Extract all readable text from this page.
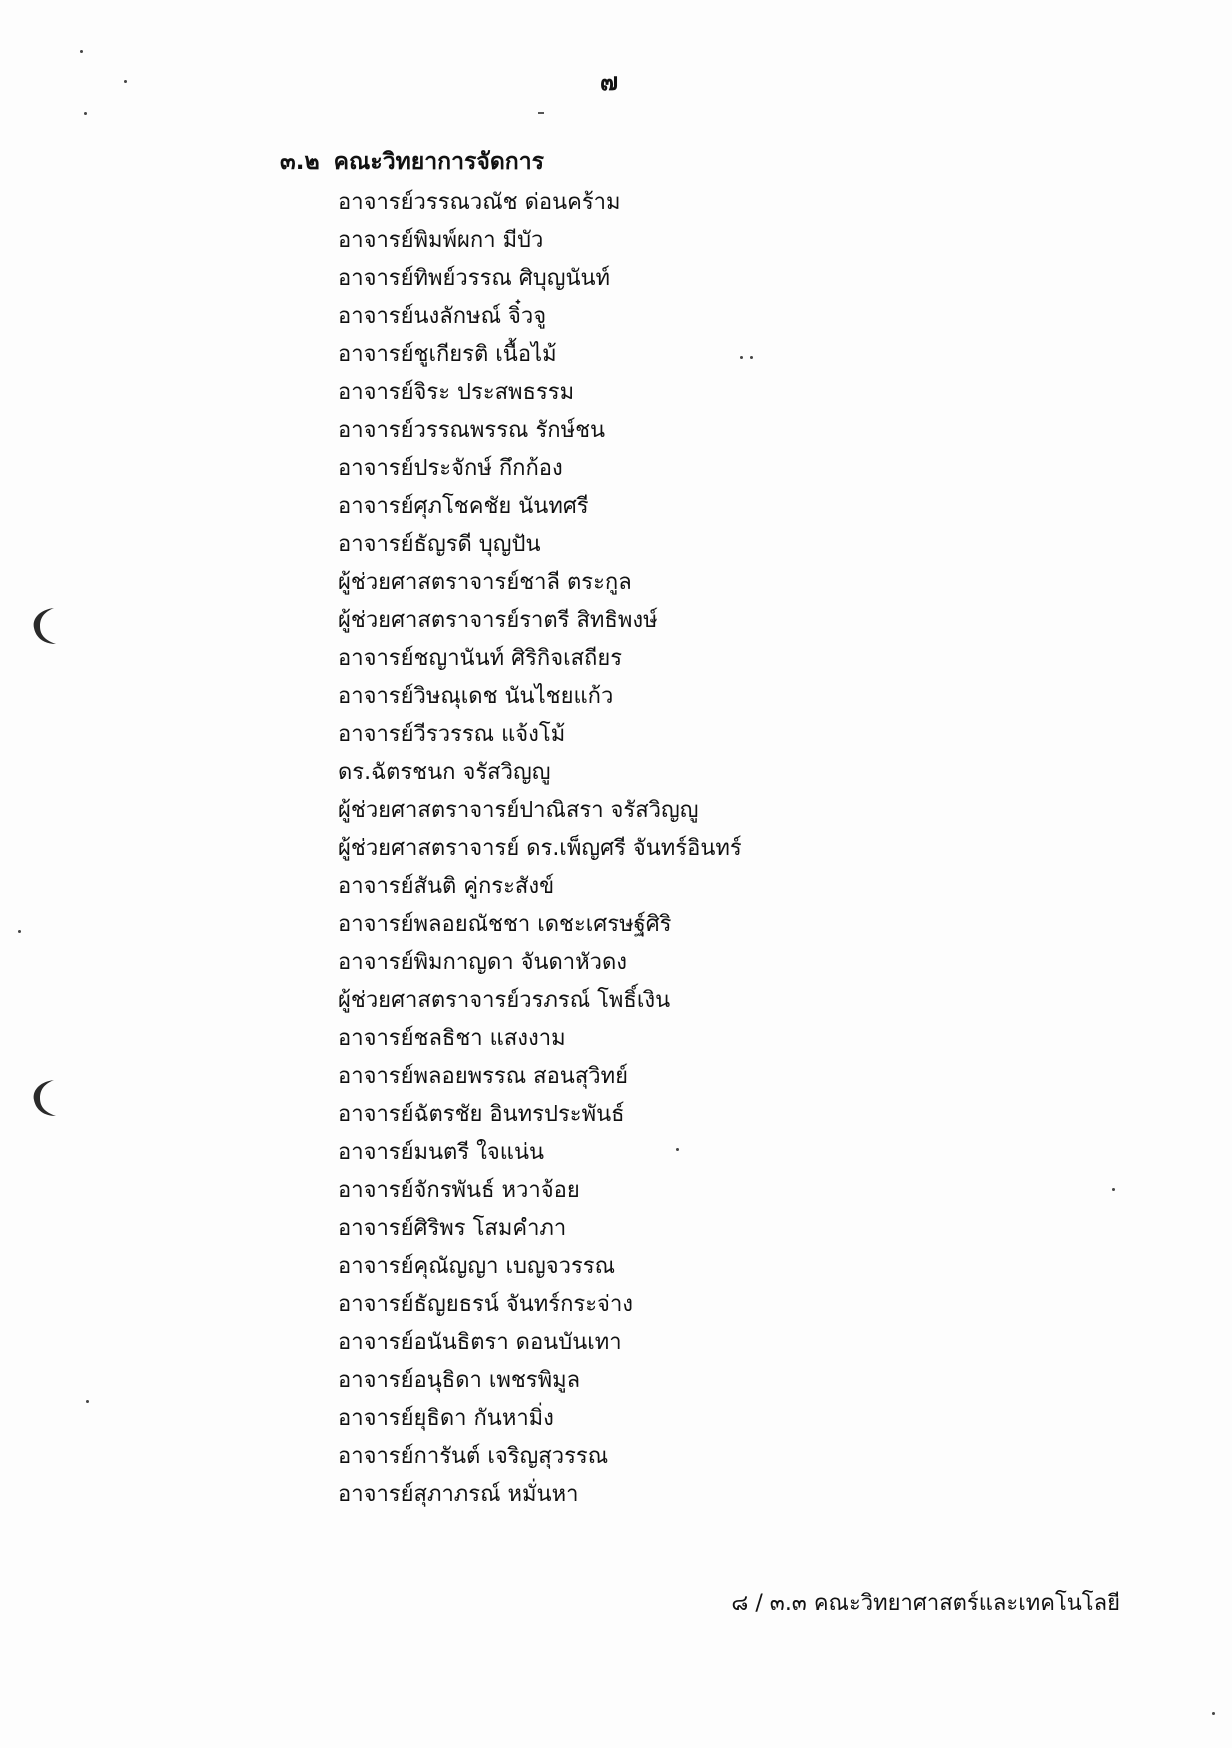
๗
๓.๒ คณะวิทยาการจัดการ
อาจารย์วรรณวณัช ด่อนคร้าม
อาจารย์พิมพ์ผกา มีบัว
อาจารย์ทิพย์วรรณ ศิบุญนันท์
อาจารย์นงลักษณ์ จิ๋วจู
อาจารย์ชูเกียรติ เนื้อไม้
อาจารย์จิระ ประสพธรรม
อาจารย์วรรณพรรณ รักษ์ชน
อาจารย์ประจักษ์ กึกก้อง
อาจารย์ศุภโชคชัย นันทศรี
อาจารย์ธัญรดี บุญปัน
ผู้ช่วยศาสตราจารย์ชาลี ตระกูล
ผู้ช่วยศาสตราจารย์ราตรี สิทธิพงษ์
อาจารย์ชญานันท์ ศิริกิจเสถียร
อาจารย์วิษณุเดช นันไชยแก้ว
อาจารย์วีรวรรณ แจ้งโม้
ดร.ฉัตรชนก จรัสวิญญู
ผู้ช่วยศาสตราจารย์ปาณิสรา จรัสวิญญู
ผู้ช่วยศาสตราจารย์ ดร.เพ็ญศรี จันทร์อินทร์
อาจารย์สันติ คู่กระสังข์
อาจารย์พลอยณัชชา เดชะเศรษฐ์ศิริ
อาจารย์พิมกาญดา จันดาหัวดง
ผู้ช่วยศาสตราจารย์วรภรณ์ โพธิ์เงิน
อาจารย์ชลธิชา แสงงาม
อาจารย์พลอยพรรณ สอนสุวิทย์
อาจารย์ฉัตรชัย อินทรประพันธ์
อาจารย์มนตรี ใจแน่น
อาจารย์จักรพันธ์ หวาจ้อย
อาจารย์ศิริพร โสมคำภา
อาจารย์คุณัญญา เบญจวรรณ
อาจารย์ธัญยธรน์ จันทร์กระจ่าง
อาจารย์อนันธิตรา ดอนบันเทา
อาจารย์อนุธิดา เพชรพิมูล
อาจารย์ยุธิดา กันหามิ่ง
อาจารย์การันต์ เจริญสุวรรณ
อาจารย์สุภาภรณ์ หมั่นหา
๘ / ๓.๓ คณะวิทยาศาสตร์และเทคโนโลยี
